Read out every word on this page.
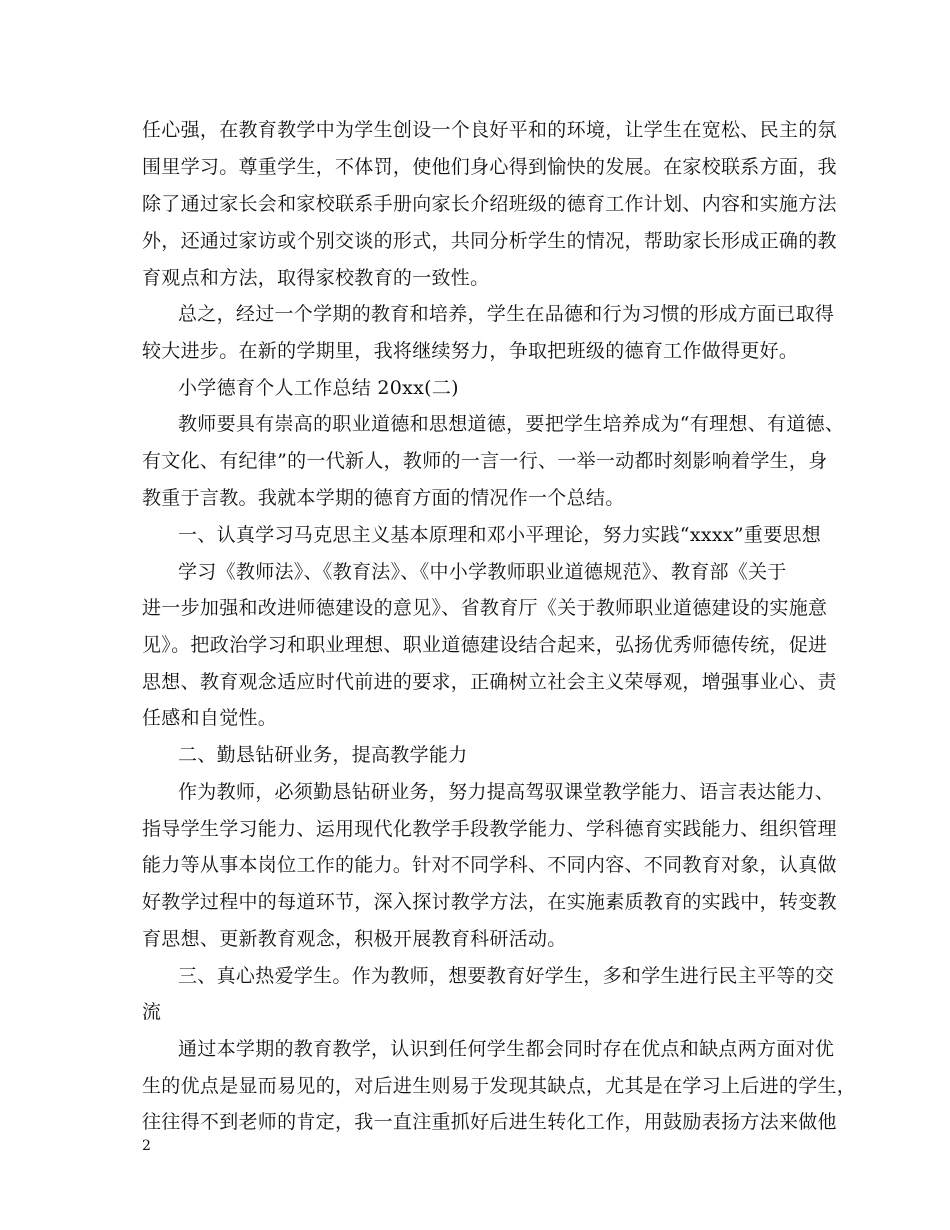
任心强，在教育教学中为学生创设一个良好平和的环境，让学生在宽松、民主的氛
围里学习。尊重学生，不体罚，使他们身心得到愉快的发展。在家校联系方面，我
除了通过家长会和家校联系手册向家长介绍班级的德育工作计划、内容和实施方法
外，还通过家访或个别交谈的形式，共同分析学生的情况，帮助家长形成正确的教
育观点和方法，取得家校教育的一致性。
总之，经过一个学期的教育和培养，学生在品德和行为习惯的形成方面已取得
较大进步。在新的学期里，我将继续努力，争取把班级的德育工作做得更好。
小学德育个人工作总结 20xx(二)
教师要具有崇高的职业道德和思想道德，要把学生培养成为“有理想、有道德、
有文化、有纪律”的一代新人，教师的一言一行、一举一动都时刻影响着学生，身
教重于言教。我就本学期的德育方面的情况作一个总结。
一、认真学习马克思主义基本原理和邓小平理论，努力实践“xxxx”重要思想
学习《教师法》、《教育法》、《中小学教师职业道德规范》、教育部《关于
进一步加强和改进师德建设的意见》、省教育厅《关于教师职业道德建设的实施意
见》。把政治学习和职业理想、职业道德建设结合起来，弘扬优秀师德传统，促进
思想、教育观念适应时代前进的要求，正确树立社会主义荣辱观，增强事业心、责
任感和自觉性。
二、勤恳钻研业务，提高教学能力
作为教师，必须勤恳钻研业务，努力提高驾驭课堂教学能力、语言表达能力、
指导学生学习能力、运用现代化教学手段教学能力、学科德育实践能力、组织管理
能力等从事本岗位工作的能力。针对不同学科、不同内容、不同教育对象，认真做
好教学过程中的每道环节，深入探讨教学方法，在实施素质教育的实践中，转变教
育思想、更新教育观念，积极开展教育科研活动。
三、真心热爱学生。作为教师，想要教育好学生，多和学生进行民主平等的交
流
通过本学期的教育教学，认识到任何学生都会同时存在优点和缺点两方面对优
生的优点是显而易见的，对后进生则易于发现其缺点，尤其是在学习上后进的学生，
往往得不到老师的肯定，我一直注重抓好后进生转化工作，用鼓励表扬方法来做他
2
